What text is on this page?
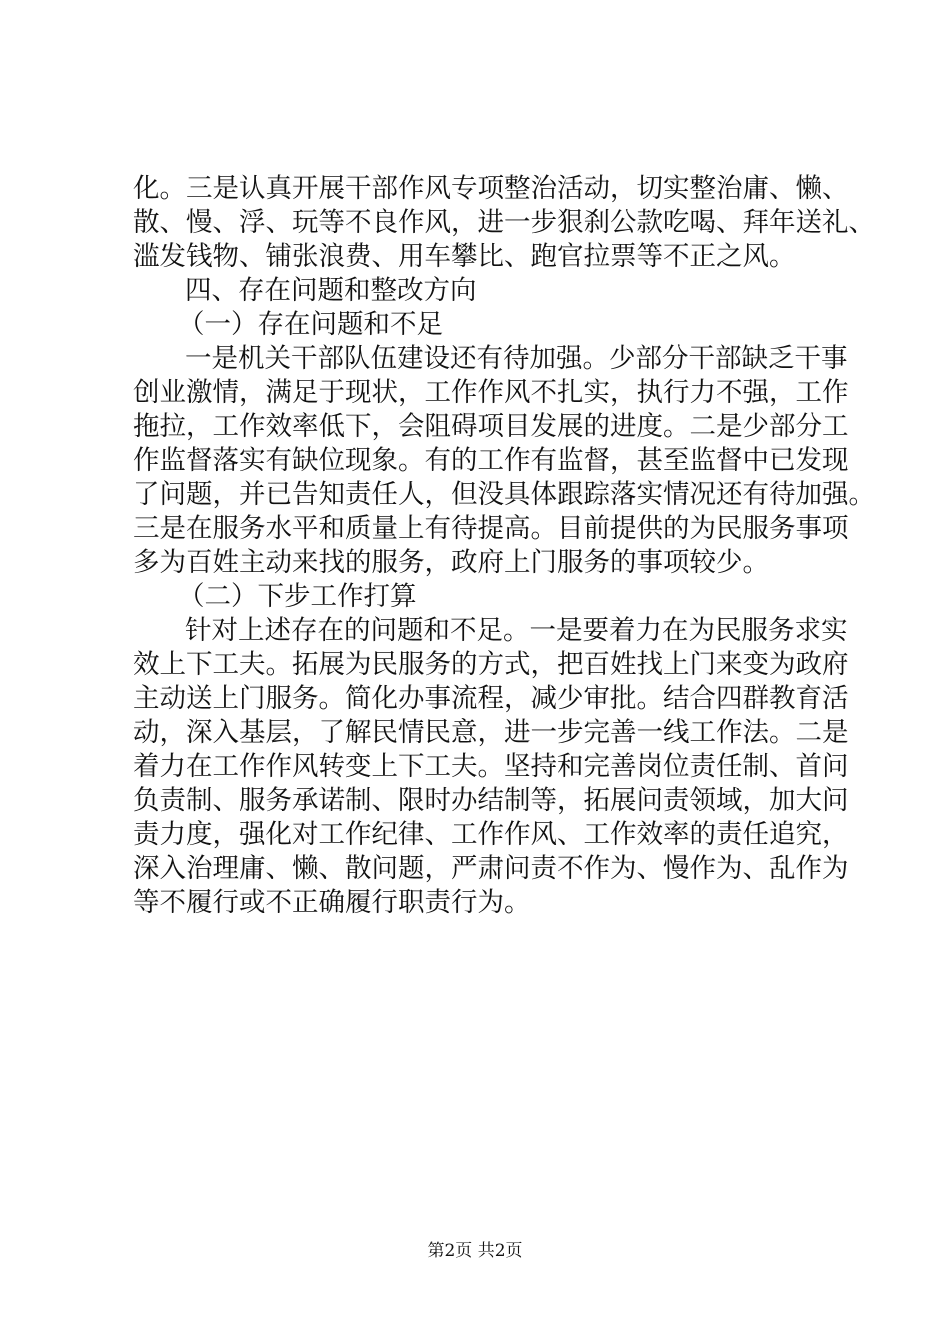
化。三是认真开展干部作风专项整治活动，切实整治庸、懒、
散、慢、浮、玩等不良作风，进一步狠刹公款吃喝、拜年送礼、
滥发钱物、铺张浪费、用车攀比、跑官拉票等不正之风。
四、存在问题和整改方向
（一）存在问题和不足
一是机关干部队伍建设还有待加强。少部分干部缺乏干事
创业激情，满足于现状，工作作风不扎实，执行力不强，工作
拖拉，工作效率低下，会阻碍项目发展的进度。二是少部分工
作监督落实有缺位现象。有的工作有监督，甚至监督中已发现
了问题，并已告知责任人，但没具体跟踪落实情况还有待加强。
三是在服务水平和质量上有待提高。目前提供的为民服务事项
多为百姓主动来找的服务，政府上门服务的事项较少。
（二）下步工作打算
针对上述存在的问题和不足。一是要着力在为民服务求实
效上下工夫。拓展为民服务的方式，把百姓找上门来变为政府
主动送上门服务。简化办事流程，减少审批。结合四群教育活
动，深入基层，了解民情民意，进一步完善一线工作法。二是
着力在工作作风转变上下工夫。坚持和完善岗位责任制、首问
负责制、服务承诺制、限时办结制等，拓展问责领域，加大问
责力度，强化对工作纪律、工作作风、工作效率的责任追究，
深入治理庸、懒、散问题，严肃问责不作为、慢作为、乱作为
等不履行或不正确履行职责行为。
第2页 共2页
